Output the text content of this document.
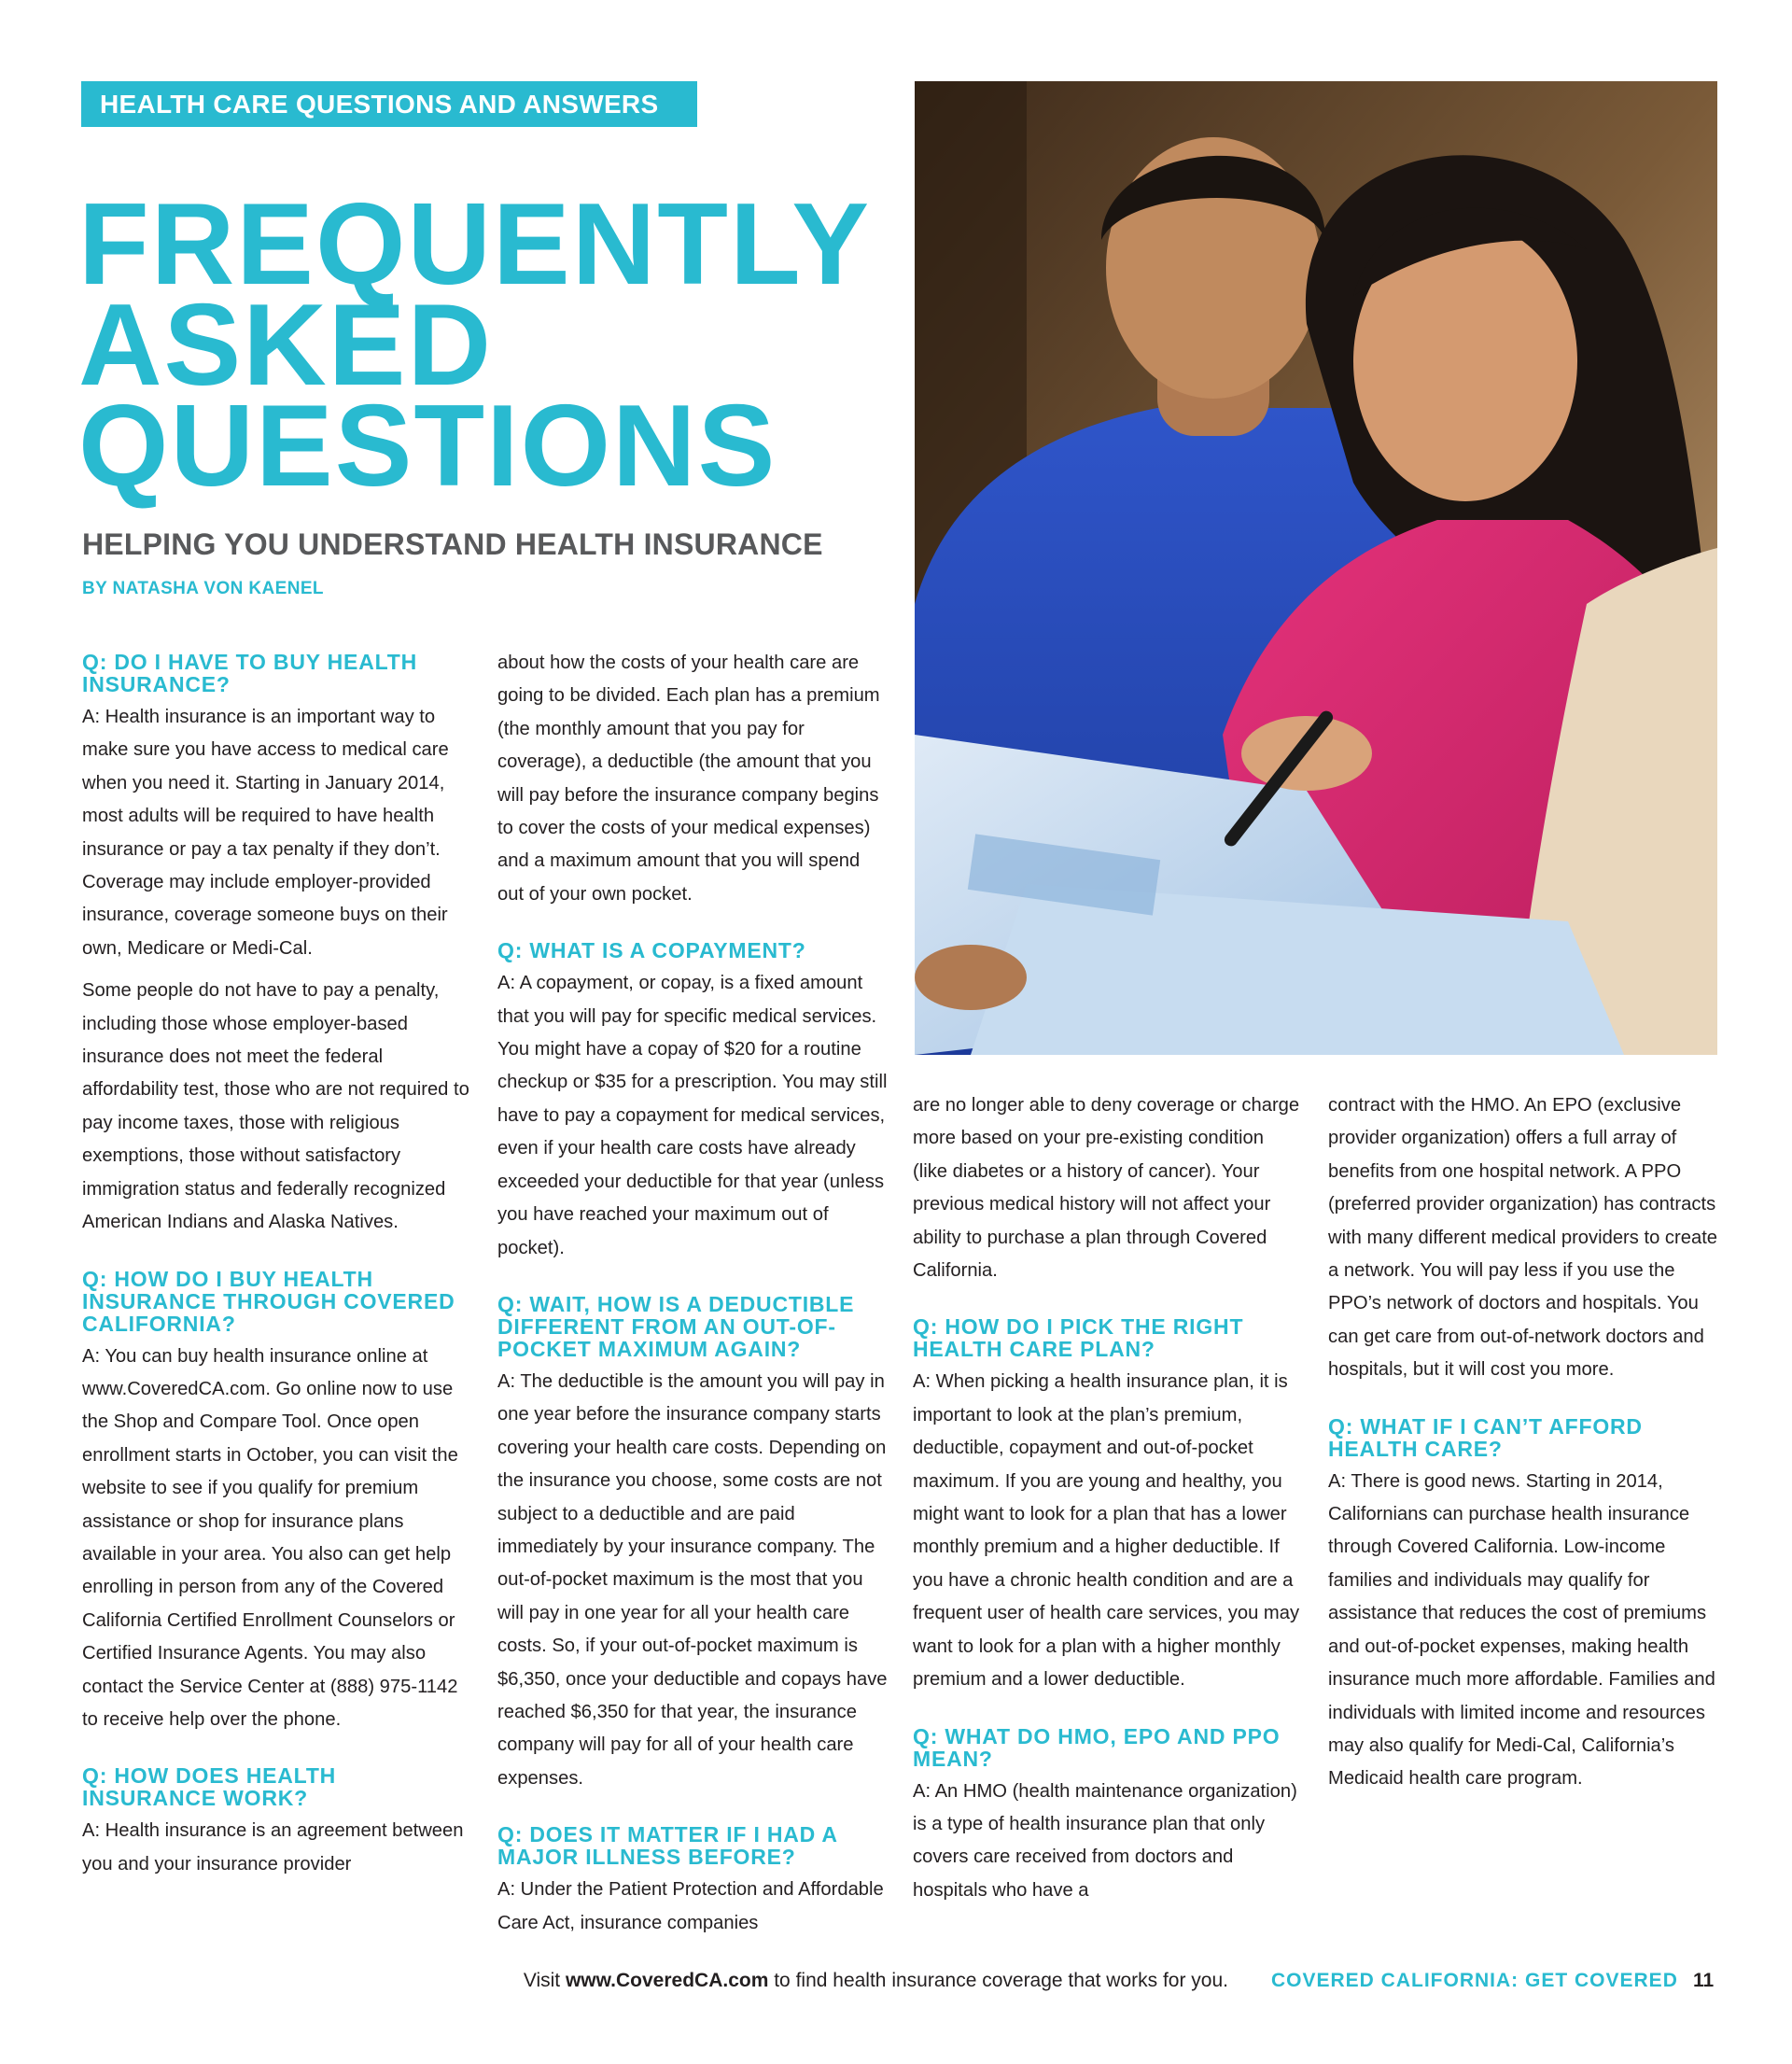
HEALTH CARE QUESTIONS AND ANSWERS
FREQUENTLY
ASKED
QUESTIONS
HELPING YOU UNDERSTAND HEALTH INSURANCE
BY NATASHA VON KAENEL
Q: DO I HAVE TO BUY HEALTH INSURANCE?

A: Health insurance is an important way to make sure you have access to medical care when you need it. Starting in January 2014, most adults will be required to have health insurance or pay a tax penalty if they don’t. Coverage may include employer-provided insurance, coverage someone buys on their own, Medicare or Medi-Cal.

Some people do not have to pay a penalty, including those whose employer-based insurance does not meet the federal affordability test, those who are not required to pay income taxes, those with religious exemptions, those without satisfactory immigration status and federally recognized American Indians and Alaska Natives.

Q: HOW DO I BUY HEALTH INSURANCE THROUGH COVERED CALIFORNIA?

A: You can buy health insurance online at www.CoveredCA.com. Go online now to use the Shop and Compare Tool. Once open enrollment starts in October, you can visit the website to see if you qualify for premium assistance or shop for insurance plans available in your area. You also can get help enrolling in person from any of the Covered California Certified Enrollment Counselors or Certified Insurance Agents. You may also contact the Service Center at (888) 975-1142 to receive help over the phone.

Q: HOW DOES HEALTH INSURANCE WORK?

A: Health insurance is an agreement between you and your insurance provider

about how the costs of your health care are going to be divided. Each plan has a premium (the monthly amount that you pay for coverage), a deductible (the amount that you will pay before the insurance company begins to cover the costs of your medical expenses) and a maximum amount that you will spend out of your own pocket.

Q: WHAT IS A COPAYMENT?

A: A copayment, or copay, is a fixed amount that you will pay for specific medical services. You might have a copay of $20 for a routine checkup or $35 for a prescription. You may still have to pay a copayment for medical services, even if your health care costs have already exceeded your deductible for that year (unless you have reached your maximum out of pocket).

Q: WAIT, HOW IS A DEDUCTIBLE DIFFERENT FROM AN OUT-OF-POCKET MAXIMUM AGAIN?

A: The deductible is the amount you will pay in one year before the insurance company starts covering your health care costs. Depending on the insurance you choose, some costs are not subject to a deductible and are paid immediately by your insurance company. The out-of-pocket maximum is the most that you will pay in one year for all your health care costs. So, if your out-of-pocket maximum is $6,350, once your deductible and copays have reached $6,350 for that year, the insurance company will pay for all of your health care expenses.

Q: DOES IT MATTER IF I HAD A MAJOR ILLNESS BEFORE?

A: Under the Patient Protection and Affordable Care Act, insurance companies

are no longer able to deny coverage or charge more based on your pre-existing condition (like diabetes or a history of cancer). Your previous medical history will not affect your ability to purchase a plan through Covered California.

Q: HOW DO I PICK THE RIGHT HEALTH CARE PLAN?

A: When picking a health insurance plan, it is important to look at the plan’s premium, deductible, copayment and out-of-pocket maximum. If you are young and healthy, you might want to look for a plan that has a lower monthly premium and a higher deductible. If you have a chronic health condition and are a frequent user of health care services, you may want to look for a plan with a higher monthly premium and a lower deductible.

Q: WHAT DO HMO, EPO AND PPO MEAN?

A: An HMO (health maintenance organization) is a type of health insurance plan that only covers care received from doctors and hospitals who have a

contract with the HMO. An EPO (exclusive provider organization) offers a full array of benefits from one hospital network. A PPO (preferred provider organization) has contracts with many different medical providers to create a network. You will pay less if you use the PPO’s network of doctors and hospitals. You can get care from out-of-network doctors and hospitals, but it will cost you more.

Q: WHAT IF I CAN’T AFFORD HEALTH CARE?

A: There is good news. Starting in 2014, Californians can purchase health insurance through Covered California. Low-income families and individuals may qualify for assistance that reduces the cost of premiums and out-of-pocket expenses, making health insurance much more affordable. Families and individuals with limited income and resources may also qualify for Medi-Cal, California’s Medicaid health care program.

Visit www.CoveredCA.com to find health insurance coverage that works for you. COVERED CALIFORNIA: GET COVERED 11
